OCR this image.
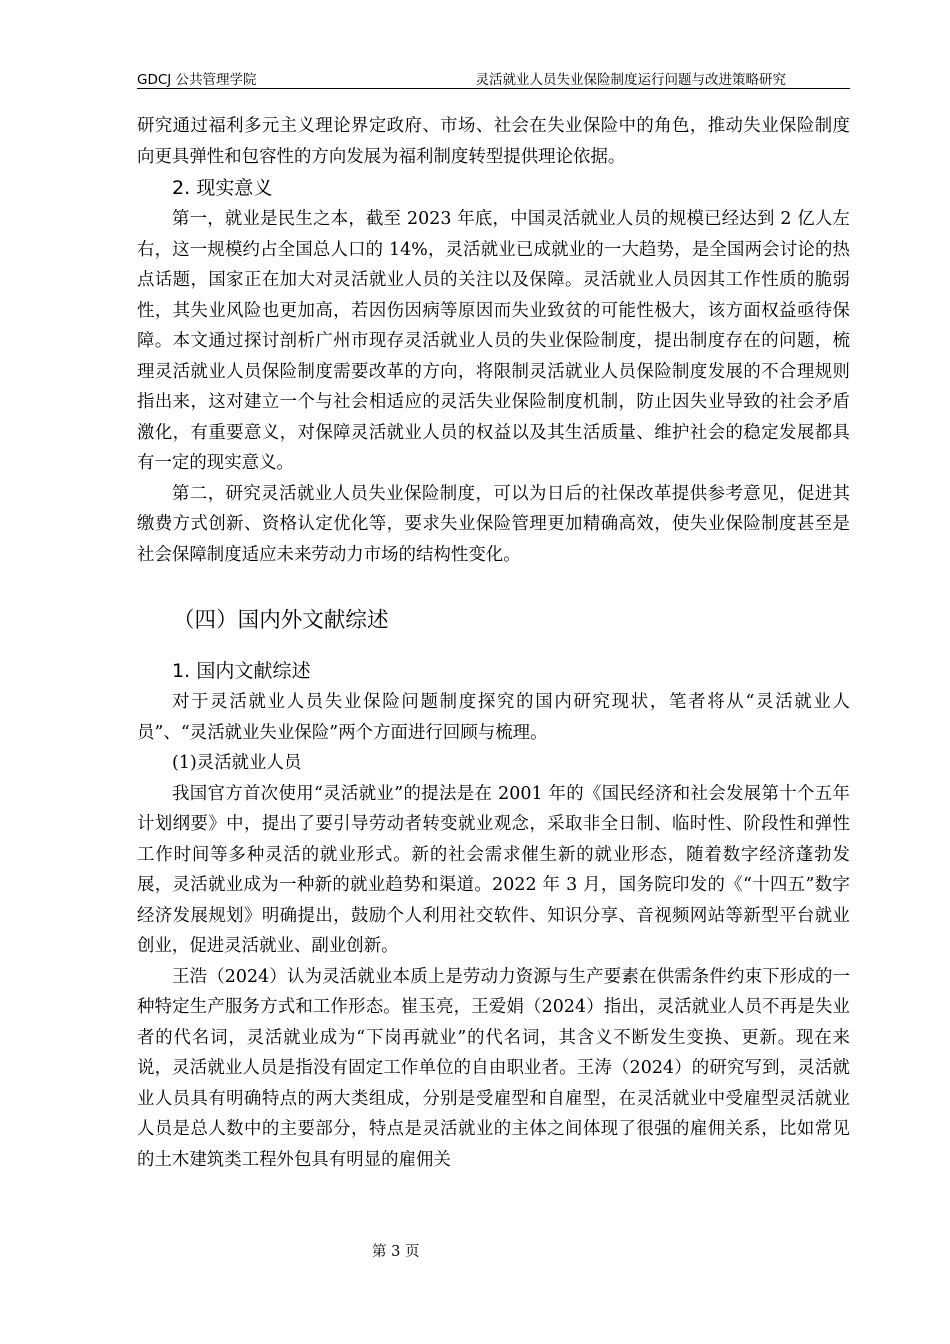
GDCJ 公共管理学院	灵活就业人员失业保险制度运行问题与改进策略研究

研究通过福利多元主义理论界定政府、市场、社会在失业保险中的角色，推动失业保险制度向更具弹性和包容性的方向发展为福利制度转型提供理论依据。

2. 现实意义

第一，就业是民生之本，截至 2023 年底，中国灵活就业人员的规模已经达到 2 亿人左右，这一规模约占全国总人口的 14%，灵活就业已成就业的一大趋势，是全国两会讨论的热点话题，国家正在加大对灵活就业人员的关注以及保障。灵活就业人员因其工作性质的脆弱性，其失业风险也更加高，若因伤因病等原因而失业致贫的可能性极大，该方面权益亟待保障。本文通过探讨剖析广州市现存灵活就业人员的失业保险制度，提出制度存在的问题，梳理灵活就业人员保险制度需要改革的方向，将限制灵活就业人员保险制度发展的不合理规则指出来，这对建立一个与社会相适应的灵活失业保险制度机制，防止因失业导致的社会矛盾激化，有重要意义，对保障灵活就业人员的权益以及其生活质量、维护社会的稳定发展都具有一定的现实意义。

第二，研究灵活就业人员失业保险制度，可以为日后的社保改革提供参考意见，促进其缴费方式创新、资格认定优化等，要求失业保险管理更加精确高效，使失业保险制度甚至是社会保障制度适应未来劳动力市场的结构性变化。

（四）国内外文献综述
1. 国内文献综述

对于灵活就业人员失业保险问题制度探究的国内研究现状，笔者将从“灵活就业人员”、“灵活就业失业保险”两个方面进行回顾与梳理。

(1)灵活就业人员

我国官方首次使用“灵活就业”的提法是在 2001 年的《国民经济和社会发展第十个五年计划纲要》中，提出了要引导劳动者转变就业观念，采取非全日制、临时性、阶段性和弹性工作时间等多种灵活的就业形式。新的社会需求催生新的就业形态，随着数字经济蓬勃发展，灵活就业成为一种新的就业趋势和渠道。2022 年 3 月，国务院印发的《“十四五”数字经济发展规划》明确提出，鼓励个人利用社交软件、知识分享、音视频网站等新型平台就业创业，促进灵活就业、副业创新。

王浩（2024）认为灵活就业本质上是劳动力资源与生产要素在供需条件约束下形成的一种特定生产服务方式和工作形态。崔玉亮，王爱娟（2024）指出，灵活就业人员不再是失业者的代名词，灵活就业成为“下岗再就业”的代名词，其含义不断发生变换、更新。现在来说，灵活就业人员是指没有固定工作单位的自由职业者。王涛（2024）的研究写到，灵活就业人员具有明确特点的两大类组成，分别是受雇型和自雇型，在灵活就业中受雇型灵活就业人员是总人数中的主要部分，特点是灵活就业的主体之间体现了很强的雇佣关系，比如常见的土木建筑类工程外包具有明显的雇佣关

第 3 页
